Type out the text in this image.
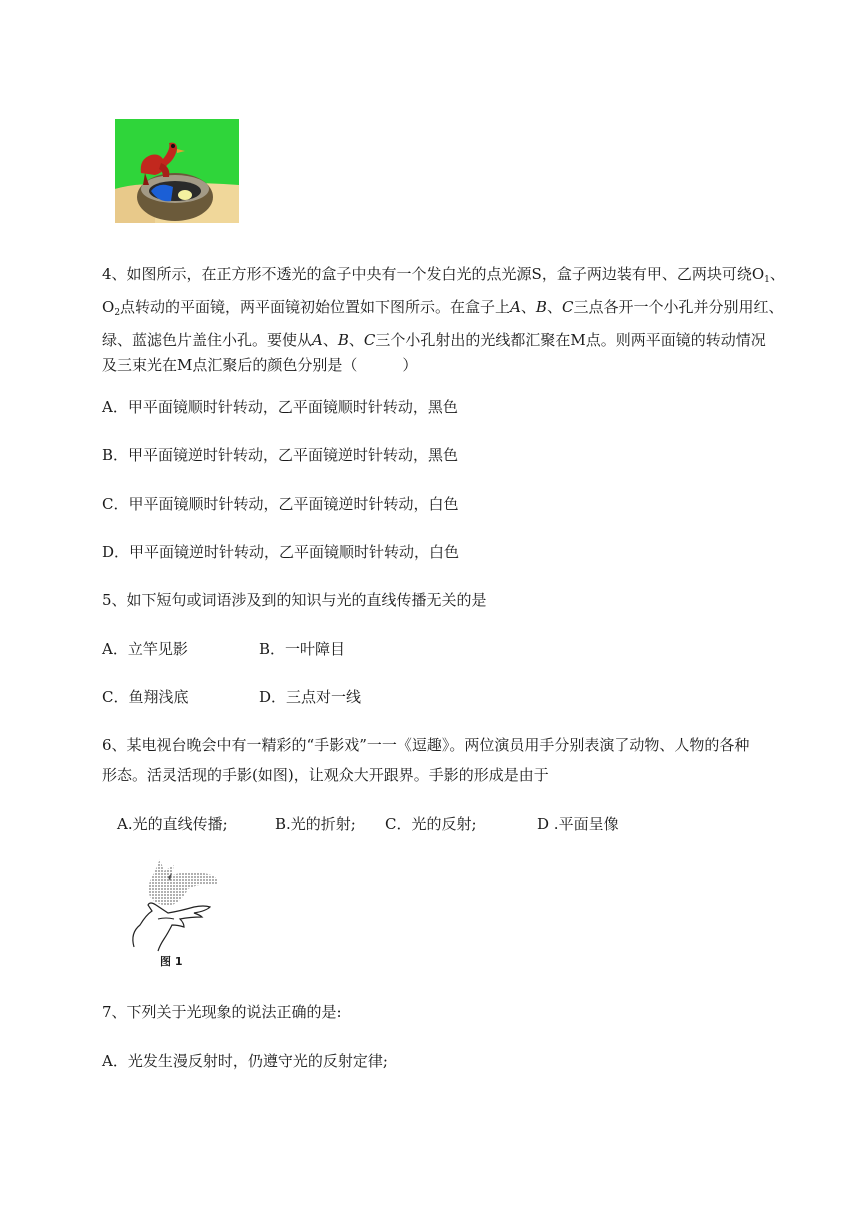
4、如图所示，在正方形不透光的盒子中央有一个发白光的点光源S，盒子两边装有甲、乙两块可绕$O_1$、
$O_2$点转动的平面镜，两平面镜初始位置如下图所示。在盒子上A、B、C三点各开一个小孔并分别用红、
绿、蓝滤色片盖住小孔。要使从A、B、C三个小孔射出的光线都汇聚在M点。则两平面镜的转动情况
及三束光在M点汇聚后的颜色分别是（　　　）
A．甲平面镜顺时针转动，乙平面镜顺时针转动，黑色
B．甲平面镜逆时针转动，乙平面镜逆时针转动，黑色
C．甲平面镜顺时针转动，乙平面镜逆时针转动，白色
D．甲平面镜逆时针转动，乙平面镜顺时针转动，白色
5、如下短句或词语涉及到的知识与光的直线传播无关的是
A．立竿见影	B．一叶障目
C．鱼翔浅底	D．三点对一线
6、某电视台晚会中有一精彩的“手影戏”一一《逗趣》。两位演员用手分别表演了动物、人物的各种
形态。活灵活现的手影(如图)，让观众大开跟界。手影的形成是由于
A.光的直线传播;	B.光的折射; C．光的反射;	D .平面呈像
图 1
7、下列关于光现象的说法正确的是:
A．光发生漫反射时，仍遵守光的反射定律;
